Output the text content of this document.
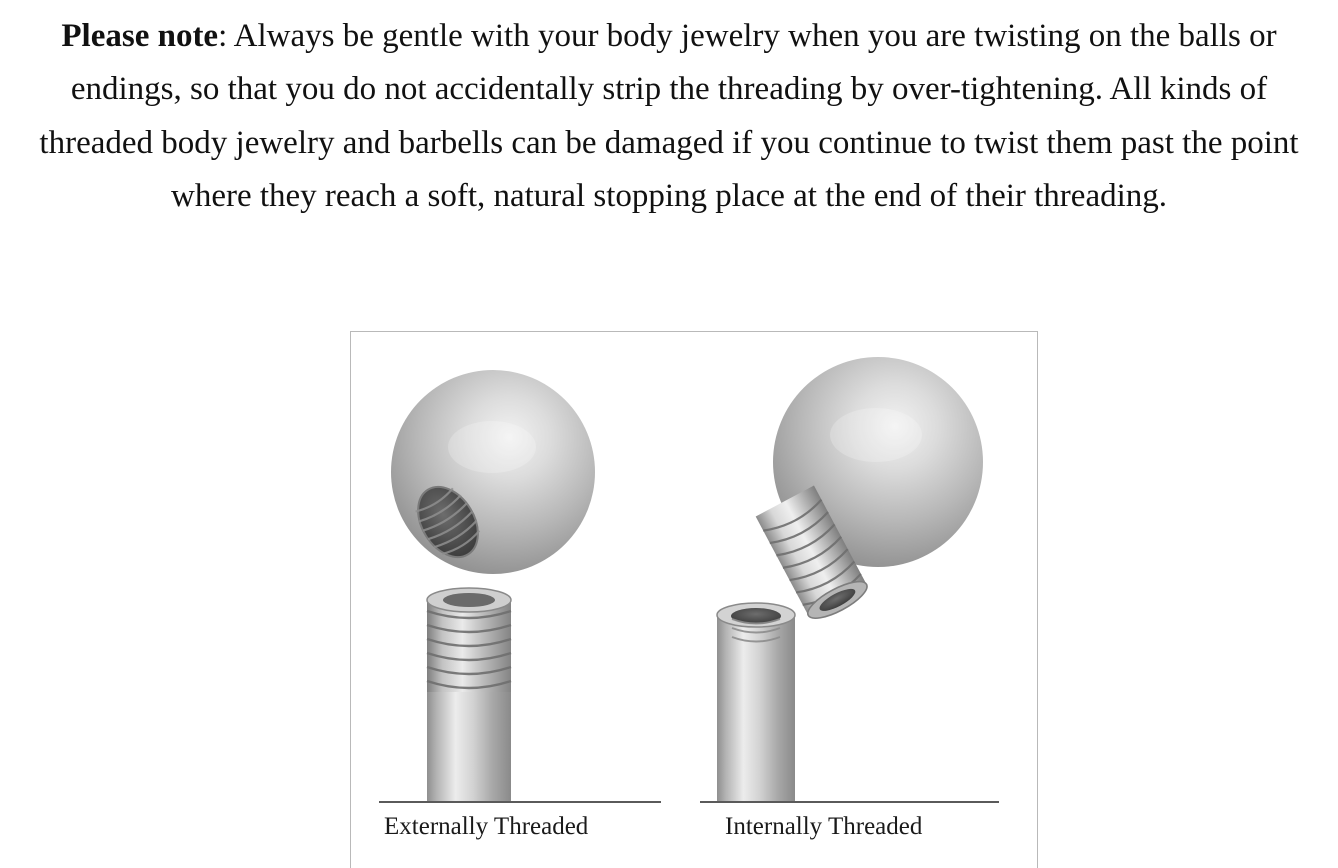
Please note: Always be gentle with your body jewelry when you are twisting on the balls or endings, so that you do not accidentally strip the threading by over-tightening. All kinds of threaded body jewelry and barbells can be damaged if you continue to twist them past the point where they reach a soft, natural stopping place at the end of their threading.
Externally Threaded	Internally Threaded
